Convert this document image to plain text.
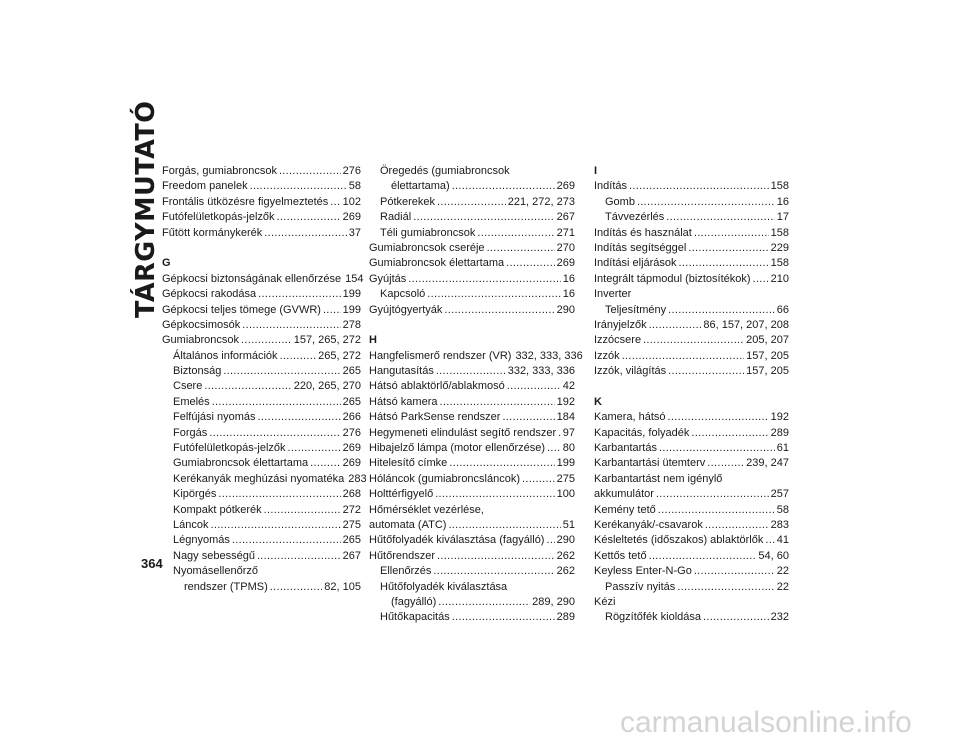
TÁRGYMUTATÓ Forgás, gumiabroncsok .....	276
Freedom panelek .....	58
Frontális ütközésre figyelmeztetés ..... 102
Futófelületkopás-jelzők .....	269
Fűtött kormánykerék .....	37
G
Gépkocsi biztonságának ellenőrzése 154
Gépkocsi rakodása .....	199
Gépkocsi teljes tömege (GVWR) ..... 199
Gépkocsimosók .....	278
Gumiabroncsok .....	157, 265, 272
Általános információk .....	265, 272
Biztonság .....	265
Csere .....	220, 265, 270
Emelés .....	265
Felfújási nyomás .....	266
Forgás .....	276
Futófelületkopás-jelzők .....	269
Gumiabroncsok élettartama .....	269
Kerékanyák meghúzási nyomatéka 283
Kipörgés .....	268
Kompakt pótkerék .....	272
Láncok .....	275
Légnyomás .....	265
Nagy sebességű .....	267
Nyomásellenőrző
rendszer (TPMS) .....	82, 105
Öregedés (gumiabroncsok
élettartama) .....	269
Pótkerekek .....	221, 272, 273
Radiál .....	267
Téli gumiabroncsok .....	271
Gumiabroncsok cseréje .....	270
Gumiabroncsok élettartama .....	269
Gyújtás .....	16
Kapcsoló .....	16
Gyújtógyertyák .....	290
H
Hangfelismerő rendszer (VR) 332, 333, 336
Hangutasítás .....	332, 333, 336
Hátsó ablaktörlő/ablakmosó .....	42
Hátsó kamera .....	192
Hátsó ParkSense rendszer .....	184
Hegymeneti elindulást segítő rendszer ..... 97
Hibajelző lámpa (motor ellenőrzése) ..... 80
Hitelesítő címke .....	199
Hóláncok (gumiabroncsláncok) .....	275
Holttérfigyelő .....	100
Hőmérséklet vezérlése,
automata (ATC) .....	51
Hűtőfolyadék kiválasztása (fagyálló) ..... 290
Hűtőrendszer .....	262
Ellenőrzés .....	262
Hűtőfolyadék kiválasztása
(fagyálló) .....	289, 290
Hűtőkapacitás .....	289
I
Indítás .....	158
Gomb .....	16
Távvezérlés .....	17
Indítás és használat .....	158
Indítás segítséggel .....	229
Indítási eljárások .....	158
Integrált tápmodul (biztosítékok) ..... 210
Inverter
Teljesítmény .....	66
Irányjelzők .....	86, 157, 207, 208
Izzócsere .....	205, 207
Izzók .....	157, 205
Izzók, világítás .....	157, 205
K
Kamera, hátsó .....	192
Kapacitás, folyadék .....	289
Karbantartás .....	61
Karbantartási ütemterv .....	239, 247
Karbantartást nem igénylő
akkumulátor .....	257
Kemény tető .....	58
Kerékanyák/-csavarok .....	283
Késleltetés (időszakos) ablaktörlők ..... 41
Kettős tető .....	54, 60
Keyless Enter-N-Go .....	22
Passzív nyitás .....	22
Kézi
Rögzítőfék kioldása .....	232
364
carmanualsonline.info
